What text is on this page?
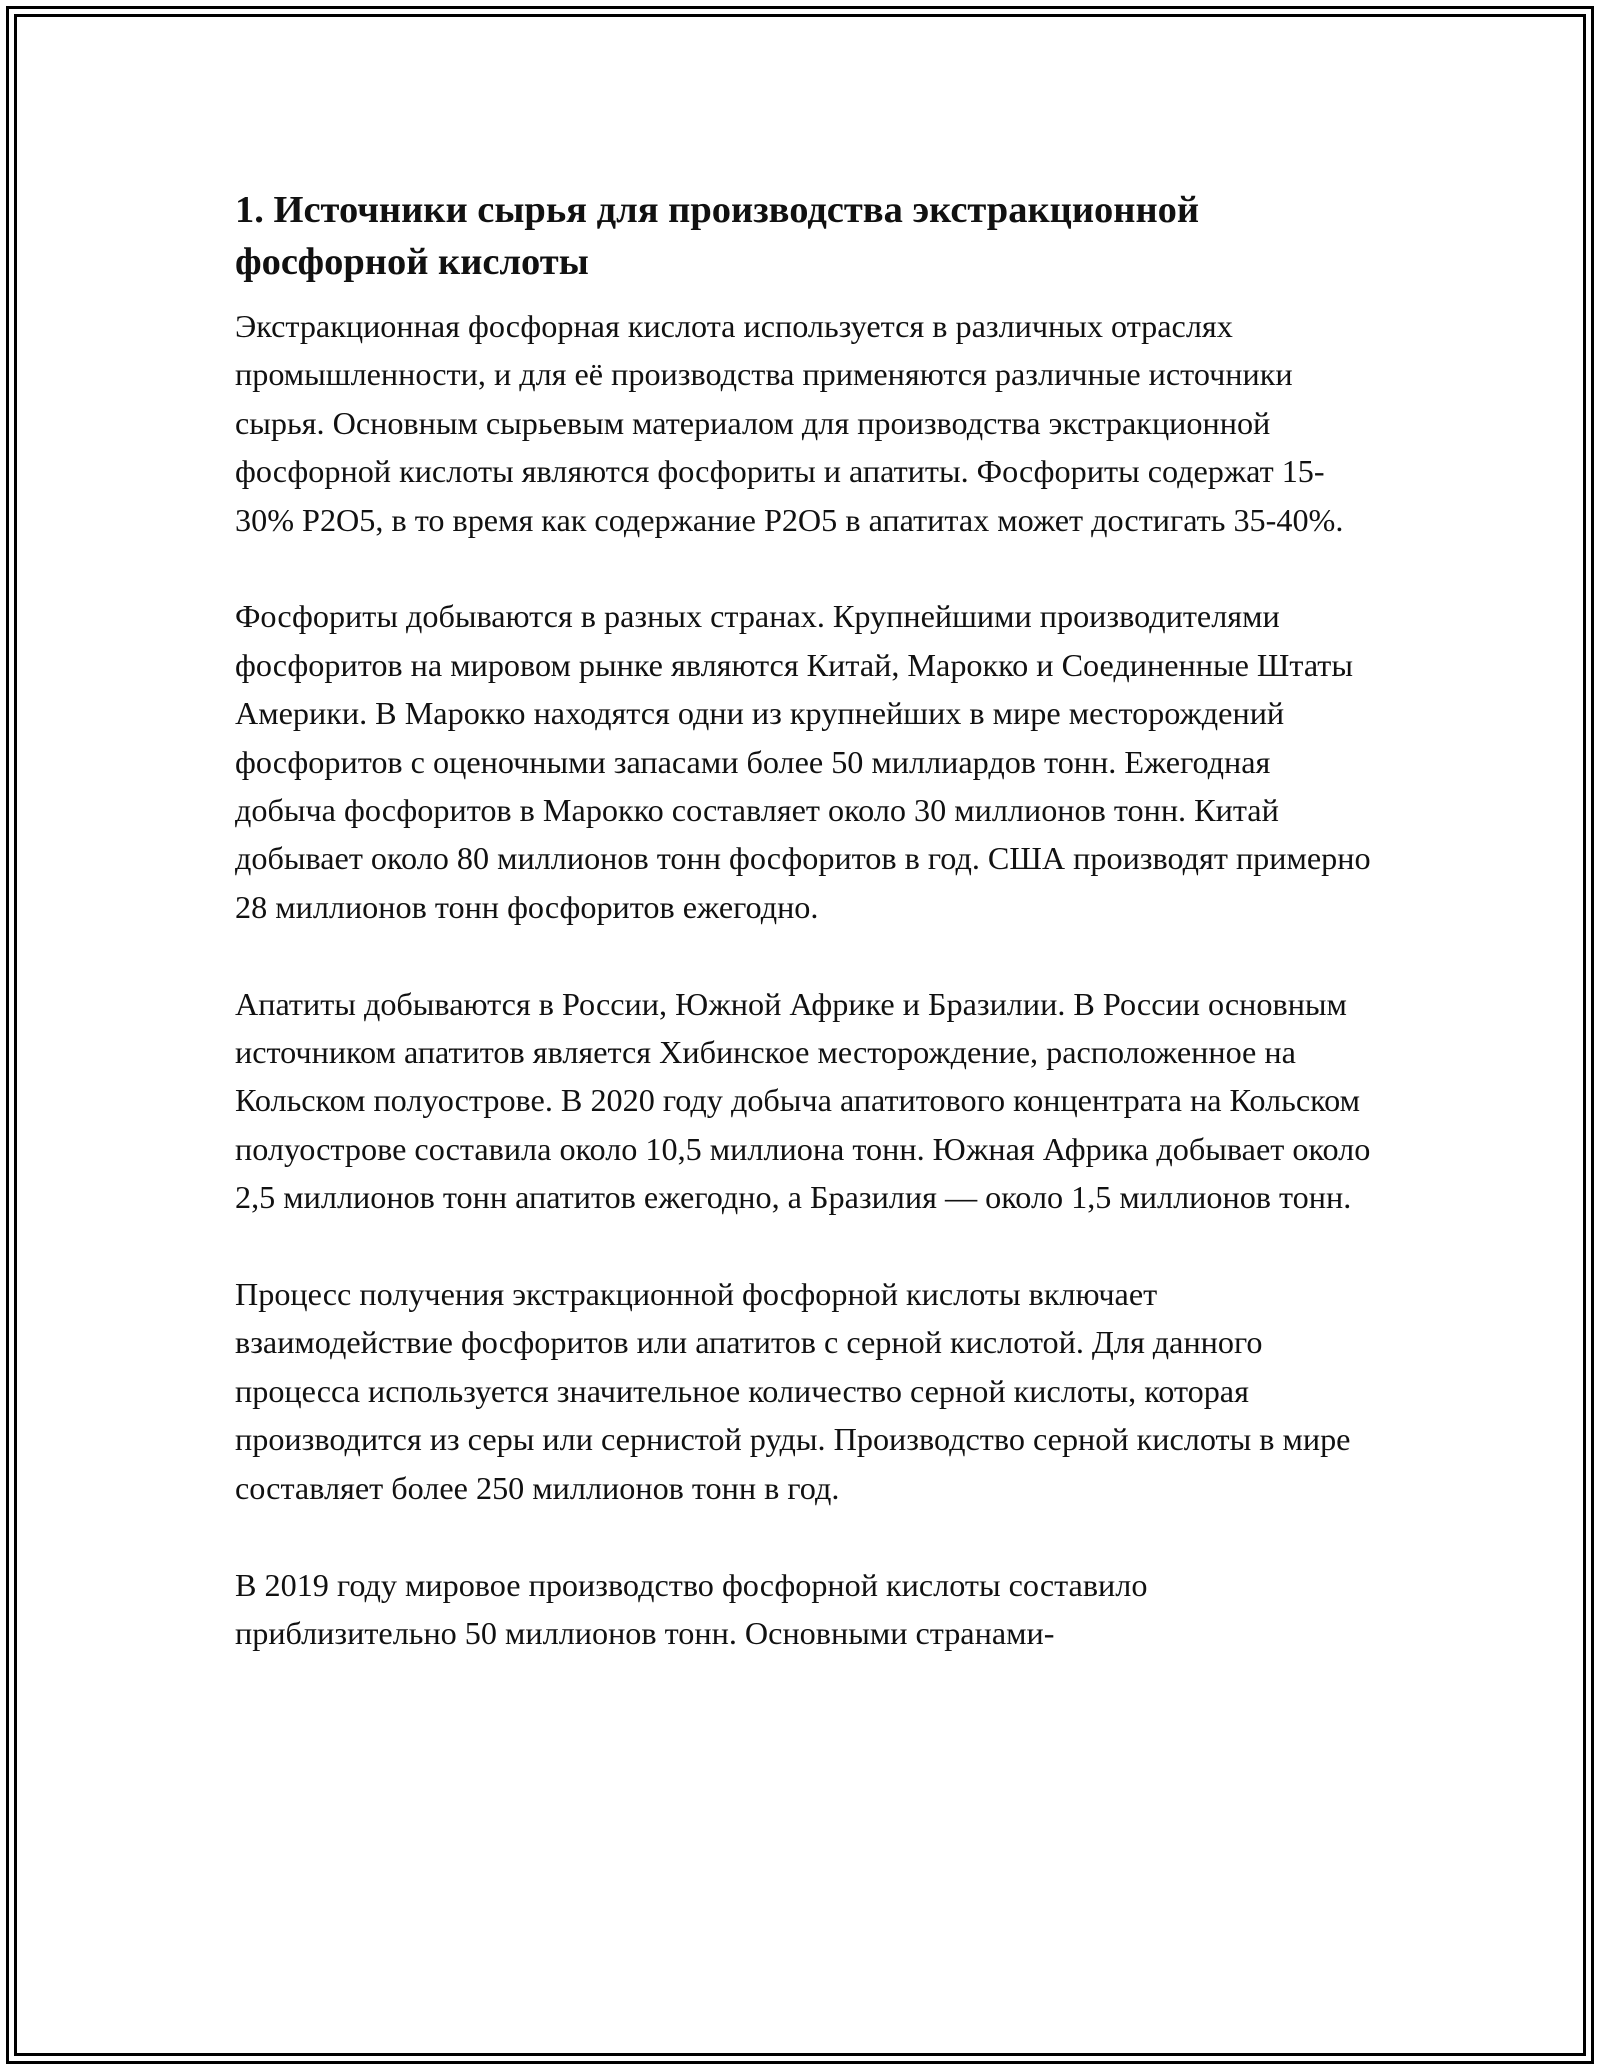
1. Источники сырья для производства экстракционной фосфорной кислоты

Экстракционная фосфорная кислота используется в различных отраслях промышленности, и для её производства применяются различные источники сырья. Основным сырьевым материалом для производства экстракционной фосфорной кислоты являются фосфориты и апатиты. Фосфориты содержат 15-30% P2O5, в то время как содержание P2O5 в апатитах может достигать 35-40%.

Фосфориты добываются в разных странах. Крупнейшими производителями фосфоритов на мировом рынке являются Китай, Марокко и Соединенные Штаты Америки. В Марокко находятся одни из крупнейших в мире месторождений фосфоритов с оценочными запасами более 50 миллиардов тонн. Ежегодная добыча фосфоритов в Марокко составляет около 30 миллионов тонн. Китай добывает около 80 миллионов тонн фосфоритов в год. США производят примерно 28 миллионов тонн фосфоритов ежегодно.

Апатиты добываются в России, Южной Африке и Бразилии. В России основным источником апатитов является Хибинское месторождение, расположенное на Кольском полуострове. В 2020 году добыча апатитового концентрата на Кольском полуострове составила около 10,5 миллиона тонн. Южная Африка добывает около 2,5 миллионов тонн апатитов ежегодно, а Бразилия — около 1,5 миллионов тонн.

Процесс получения экстракционной фосфорной кислоты включает взаимодействие фосфоритов или апатитов с серной кислотой. Для данного процесса используется значительное количество серной кислоты, которая производится из серы или сернистой руды. Производство серной кислоты в мире составляет более 250 миллионов тонн в год.

В 2019 году мировое производство фосфорной кислоты составило приблизительно 50 миллионов тонн. Основными странами-
